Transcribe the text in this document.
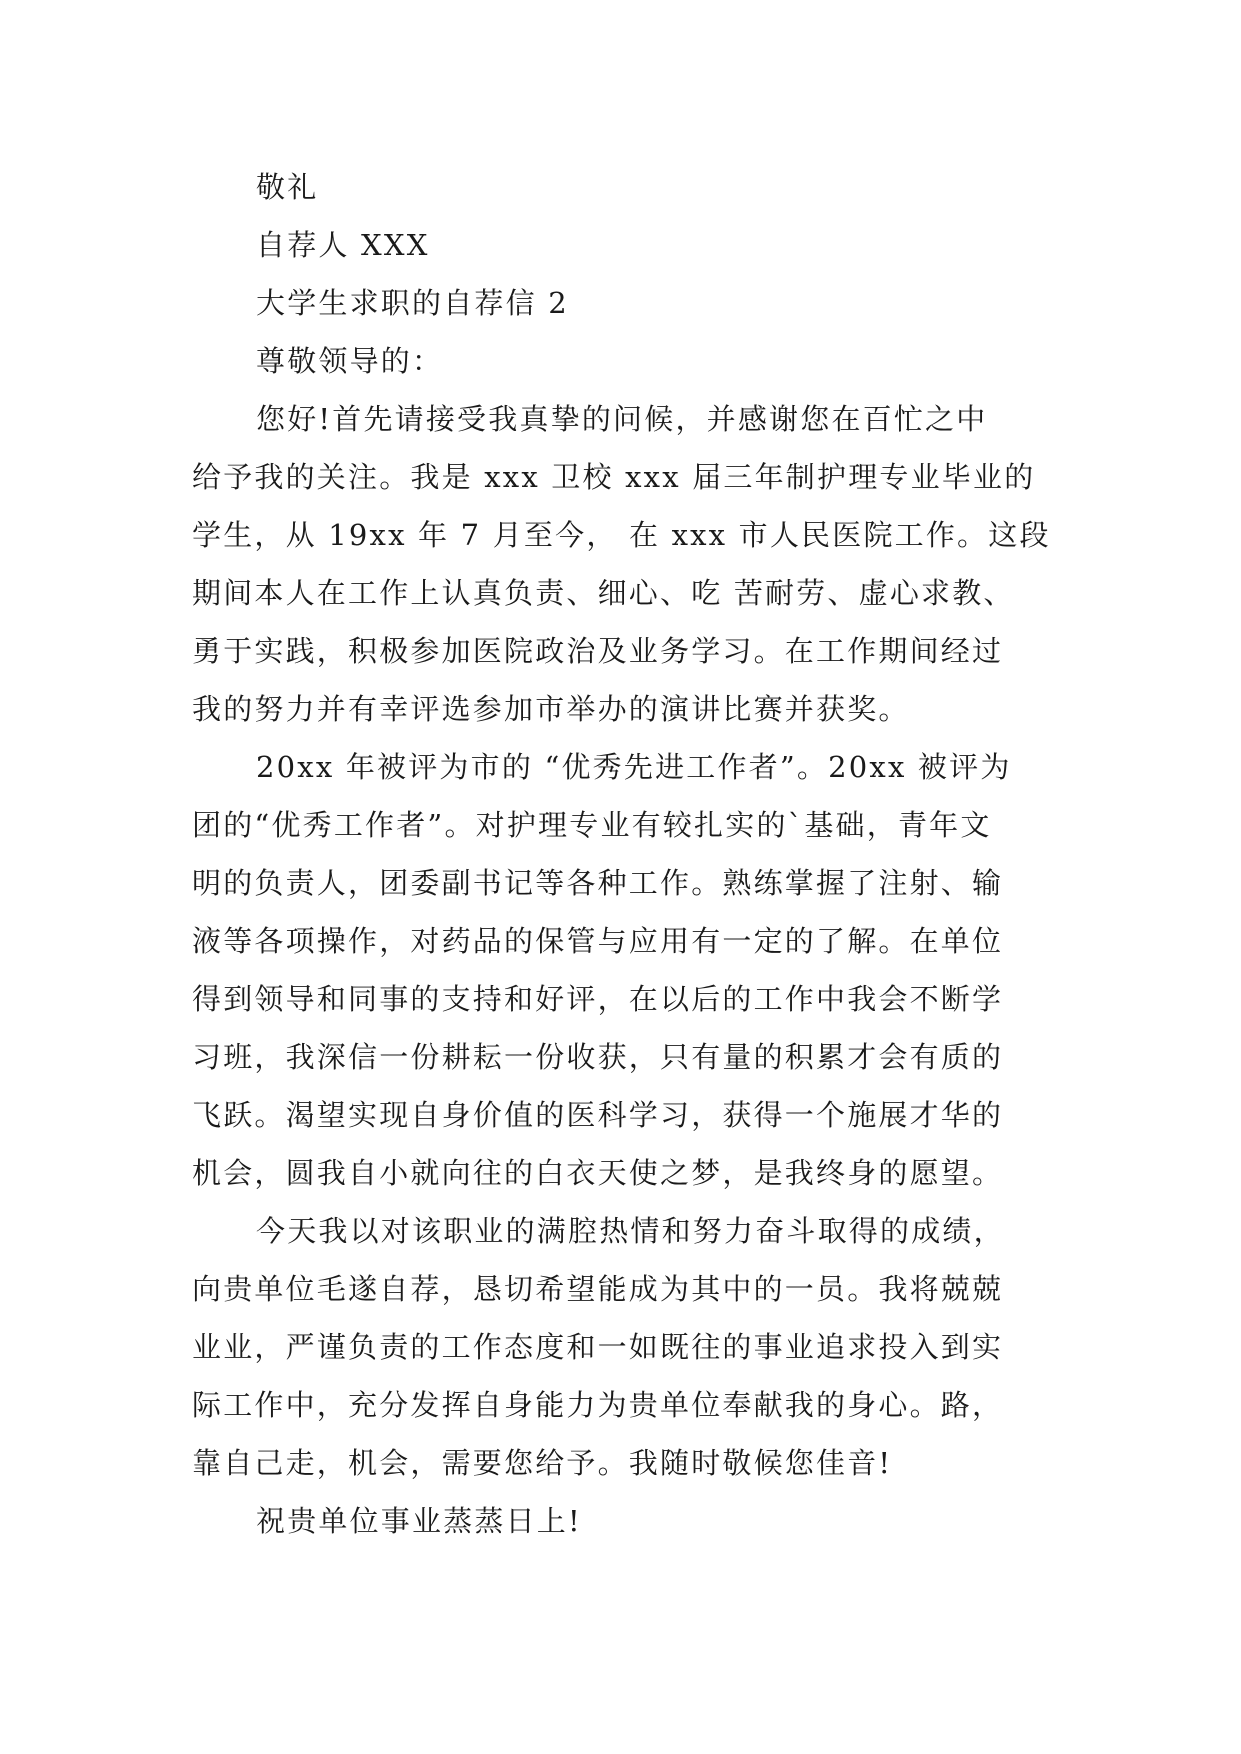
敬礼
自荐人 XXX
大学生求职的自荐信 2
尊敬领导的：
您好!首先请接受我真挚的问候，并感谢您在百忙之中
给予我的关注。我是 xxx 卫校 xxx 届三年制护理专业毕业的
学生，从 19xx 年 7 月至今， 在 xxx 市人民医院工作。这段
期间本人在工作上认真负责、细心、吃 苦耐劳、虚心求教、
勇于实践，积极参加医院政治及业务学习。在工作期间经过
我的努力并有幸评选参加市举办的演讲比赛并获奖。
20xx 年被评为市的 “优秀先进工作者”。20xx 被评为
团的“优秀工作者”。对护理专业有较扎实的`基础，青年文
明的负责人，团委副书记等各种工作。熟练掌握了注射、输
液等各项操作，对药品的保管与应用有一定的了解。在单位
得到领导和同事的支持和好评，在以后的工作中我会不断学
习班，我深信一份耕耘一份收获，只有量的积累才会有质的
飞跃。渴望实现自身价值的医科学习，获得一个施展才华的
机会，圆我自小就向往的白衣天使之梦，是我终身的愿望。
今天我以对该职业的满腔热情和努力奋斗取得的成绩，
向贵单位毛遂自荐，恳切希望能成为其中的一员。我将兢兢
业业，严谨负责的工作态度和一如既往的事业追求投入到实
际工作中，充分发挥自身能力为贵单位奉献我的身心。路，
靠自己走，机会，需要您给予。我随时敬候您佳音!
祝贵单位事业蒸蒸日上!
